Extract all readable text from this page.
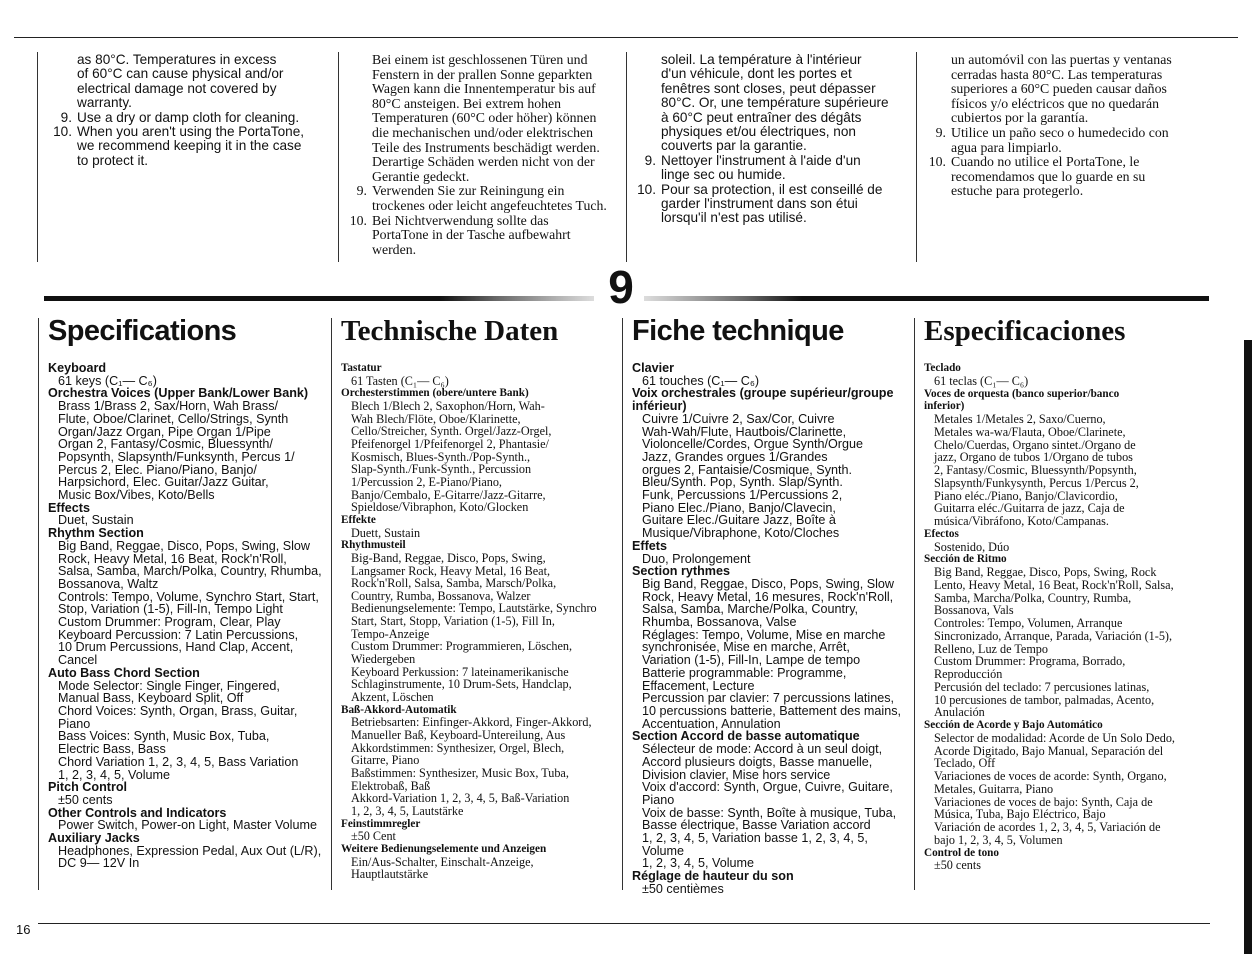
as 80°C. Temperatures in excess
of 60°C can cause physical and/or
electrical damage not covered by
warranty.
9. Use a dry or damp cloth for cleaning.
10. When you aren't using the PortaTone,
we recommend keeping it in the case
to protect it.
Bei einem ist geschlossenen Türen und
Fenstern in der prallen Sonne geparkten
Wagen kann die Innentemperatur bis auf
80°C ansteigen. Bei extrem hohen
Temperaturen (60°C oder höher) können
die mechanischen und/oder elektrischen
Teile des Instruments beschädigt werden.
Derartige Schäden werden nicht von der
Gerantie gedeckt.
9. Verwenden Sie zur Reiningung ein
trockenes oder leicht angefeuchtetes Tuch.
10. Bei Nichtverwendung sollte das
PortaTone in der Tasche aufbewahrt
werden.
soleil. La température à l'intérieur
d'un véhicule, dont les portes et
fenêtres sont closes, peut dépasser
80°C. Or, une température supérieure
à 60°C peut entraîner des dégâts
physiques et/ou électriques, non
couverts par la garantie.
9. Nettoyer l'instrument à l'aide d'un
linge sec ou humide.
10. Pour sa protection, il est conseillé de
garder l'instrument dans son étui
lorsqu'il n'est pas utilisé.
un automóvil con las puertas y ventanas
cerradas hasta 80°C. Las temperaturas
superiores a 60°C pueden causar daños
físicos y/o eléctricos que no quedarán
cubiertos por la garantía.
9. Utilice un paño seco o humedecido con
agua para limpiarlo.
10. Cuando no utilice el PortaTone, le
recomendamos que lo guarde en su
estuche para protegerlo.
9
Specifications
Keyboard
61 keys (C₁— C₆)
Orchestra Voices (Upper Bank/Lower Bank)
Brass 1/Brass 2, Sax/Horn, Wah Brass/
Flute, Oboe/Clarinet, Cello/Strings, Synth
Organ/Jazz Organ, Pipe Organ 1/Pipe
Organ 2, Fantasy/Cosmic, Bluessynth/
Popsynth, Slapsynth/Funksynth, Percus 1/
Percus 2, Elec. Piano/Piano, Banjo/
Harpsichord, Elec. Guitar/Jazz Guitar,
Music Box/Vibes, Koto/Bells
Effects
Duet, Sustain
Rhythm Section
Big Band, Reggae, Disco, Pops, Swing, Slow
Rock, Heavy Metal, 16 Beat, Rock'n'Roll,
Salsa, Samba, March/Polka, Country, Rhumba,
Bossanova, Waltz
Controls: Tempo, Volume, Synchro Start, Start,
Stop, Variation (1-5), Fill-In, Tempo Light
Custom Drummer: Program, Clear, Play
Keyboard Percussion: 7 Latin Percussions,
10 Drum Percussions, Hand Clap, Accent,
Cancel
Auto Bass Chord Section
Mode Selector: Single Finger, Fingered,
Manual Bass, Keyboard Split, Off
Chord Voices: Synth, Organ, Brass, Guitar,
Piano
Bass Voices: Synth, Music Box, Tuba,
Electric Bass, Bass
Chord Variation 1, 2, 3, 4, 5, Bass Variation
1, 2, 3, 4, 5, Volume
Pitch Control
±50 cents
Other Controls and Indicators
Power Switch, Power-on Light, Master Volume
Auxiliary Jacks
Headphones, Expression Pedal, Aux Out (L/R),
DC 9— 12V In
Technische Daten
Tastatur
61 Tasten (C₁— C₆)
Orchesterstimmen (obere/untere Bank)
Blech 1/Blech 2, Saxophon/Horn, Wah-
Wah Blech/Flöte, Oboe/Klarinette,
Cello/Streicher, Synth. Orgel/Jazz-Orgel,
Pfeifenorgel 1/Pfeifenorgel 2, Phantasie/
Kosmisch, Blues-Synth./Pop-Synth.,
Slap-Synth./Funk-Synth., Percussion
1/Percussion 2, E-Piano/Piano,
Banjo/Cembalo, E-Gitarre/Jazz-Gitarre,
Spieldose/Vibraphon, Koto/Glocken
Effekte
Duett, Sustain
Rhythmusteil
Big-Band, Reggae, Disco, Pops, Swing,
Langsamer Rock, Heavy Metal, 16 Beat,
Rock'n'Roll, Salsa, Samba, Marsch/Polka,
Country, Rumba, Bossanova, Walzer
Bedienungselemente: Tempo, Lautstärke, Synchro
Start, Start, Stopp, Variation (1-5), Fill In,
Tempo-Anzeige
Custom Drummer: Programmieren, Löschen,
Wiedergeben
Keyboard Perkussion: 7 lateinamerikanische
Schlaginstrumente, 10 Drum-Sets, Handclap,
Akzent, Löschen
Baß-Akkord-Automatik
Betriebsarten: Einfinger-Akkord, Finger-Akkord,
Manueller Baß, Keyboard-Untereilung, Aus
Akkordstimmen: Synthesizer, Orgel, Blech,
Gitarre, Piano
Baßstimmen: Synthesizer, Music Box, Tuba,
Elektrobaß, Baß
Akkord-Variation 1, 2, 3, 4, 5, Baß-Variation
1, 2, 3, 4, 5, Lautstärke
Feinstimmregler
±50 Cent
Weitere Bedienungselemente und Anzeigen
Ein/Aus-Schalter, Einschalt-Anzeige,
Hauptlautstärke
Fiche technique
Clavier
61 touches (C₁— C₆)
Voix orchestrales (groupe supérieur/groupe
inférieur)
Cuivre 1/Cuivre 2, Sax/Cor, Cuivre
Wah-Wah/Flute, Hautbois/Clarinette,
Violoncelle/Cordes, Orgue Synth/Orgue
Jazz, Grandes orgues 1/Grandes
orgues 2, Fantaisie/Cosmique, Synth.
Bleu/Synth. Pop, Synth. Slap/Synth.
Funk, Percussions 1/Percussions 2,
Piano Elec./Piano, Banjo/Clavecin,
Guitare Elec./Guitare Jazz, Boîte à
Musique/Vibraphone, Koto/Cloches
Effets
Duo, Prolongement
Section rythmes
Big Band, Reggae, Disco, Pops, Swing, Slow
Rock, Heavy Metal, 16 mesures, Rock'n'Roll,
Salsa, Samba, Marche/Polka, Country,
Rhumba, Bossanova, Valse
Réglages: Tempo, Volume, Mise en marche
synchronisée, Mise en marche, Arrêt,
Variation (1-5), Fill-In, Lampe de tempo
Batterie programmable: Programme,
Effacement, Lecture
Percussion par clavier: 7 percussions latines,
10 percussions batterie, Battement des mains,
Accentuation, Annulation
Section Accord de basse automatique
Sélecteur de mode: Accord à un seul doigt,
Accord plusieurs doigts, Basse manuelle,
Division clavier, Mise hors service
Voix d'accord: Synth, Orgue, Cuivre, Guitare,
Piano
Voix de basse: Synth, Boîte à musique, Tuba,
Basse électrique, Basse Variation accord
1, 2, 3, 4, 5, Variation basse 1, 2, 3, 4, 5, Volume
1, 2, 3, 4, 5, Volume
Réglage de hauteur du son
±50 centièmes
Especificaciones
Teclado
61 teclas (C₁— C₆)
Voces de orquesta (banco superior/banco
inferior)
Metales 1/Metales 2, Saxo/Cuerno,
Metales wa-wa/Flauta, Oboe/Clarinete,
Chelo/Cuerdas, Organo sintet./Organo de
jazz, Organo de tubos 1/Organo de tubos
2, Fantasy/Cosmic, Bluessynth/Popsynth,
Slapsynth/Funkysynth, Percus 1/Percus 2,
Piano eléc./Piano, Banjo/Clavicordio,
Guitarra eléc./Guitarra de jazz, Caja de
música/Vibráfono, Koto/Campanas.
Efectos
Sostenido, Dúo
Sección de Ritmo
Big Band, Reggae, Disco, Pops, Swing, Rock
Lento, Heavy Metal, 16 Beat, Rock'n'Roll, Salsa,
Samba, Marcha/Polka, Country, Rumba,
Bossanova, Vals
Controles: Tempo, Volumen, Arranque
Sincronizado, Arranque, Parada, Variación (1-5),
Relleno, Luz de Tempo
Custom Drummer: Programa, Borrado,
Reproducción
Percusión del teclado: 7 percusiones latinas,
10 percusiones de tambor, palmadas, Acento,
Anulación
Sección de Acorde y Bajo Automático
Selector de modalidad: Acorde de Un Solo Dedo,
Acorde Digitado, Bajo Manual, Separación del
Teclado, Off
Variaciones de voces de acorde: Synth, Organo,
Metales, Guitarra, Piano
Variaciones de voces de bajo: Synth, Caja de
Música, Tuba, Bajo Eléctrico, Bajo
Variación de acordes 1, 2, 3, 4, 5, Variación de
bajo 1, 2, 3, 4, 5, Volumen
Control de tono
±50 cents
16
